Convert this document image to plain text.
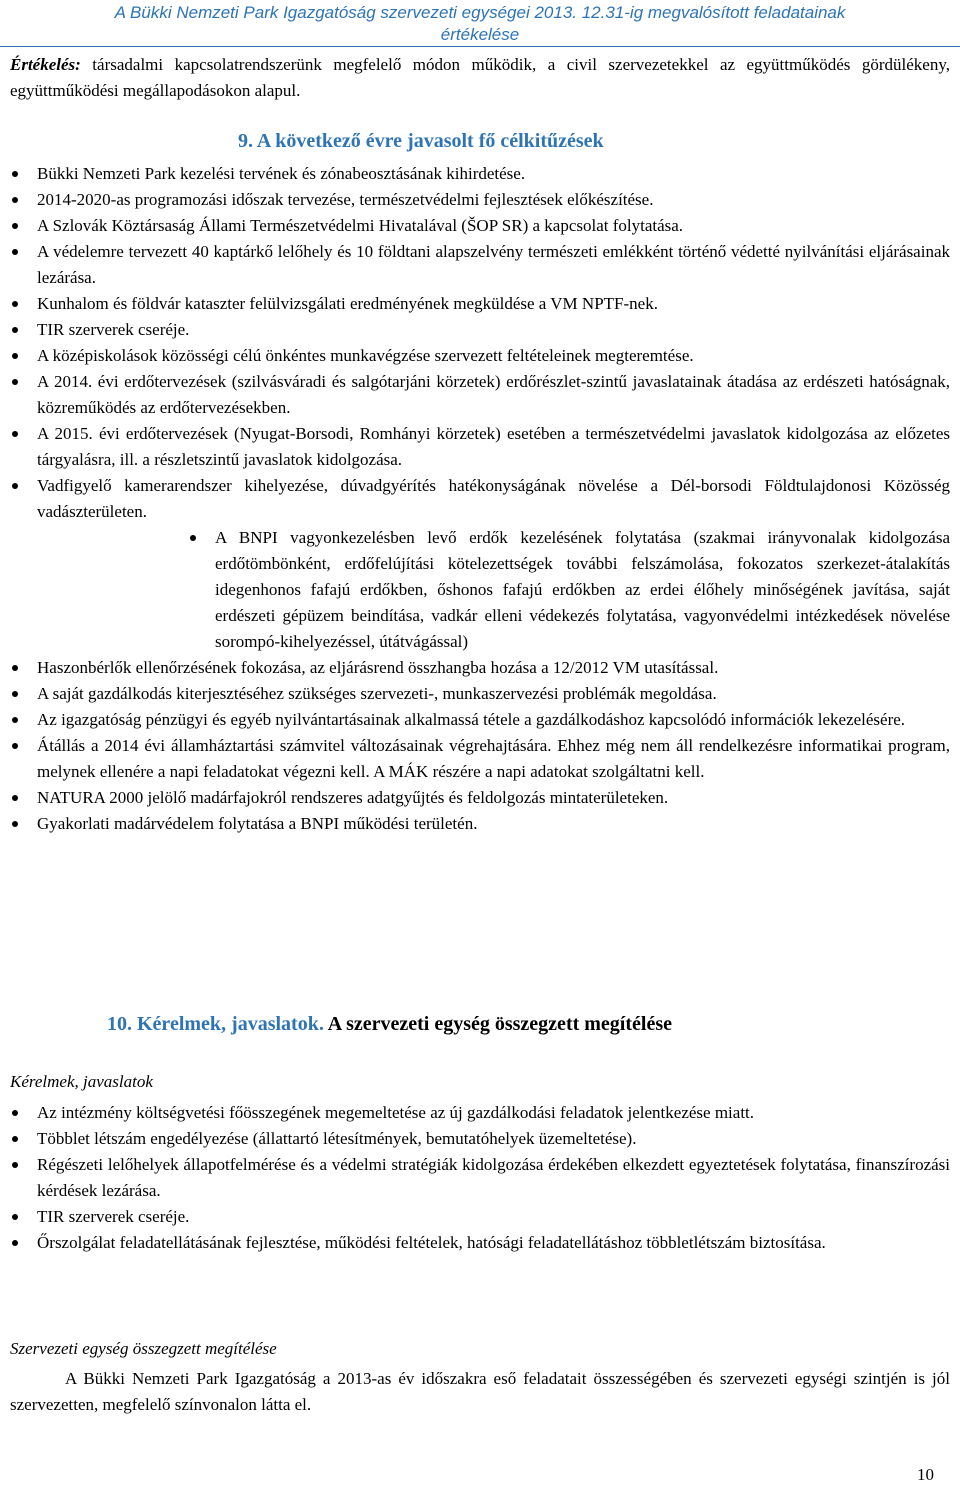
A Bükki Nemzeti Park Igazgatóság szervezeti egységei 2013. 12.31-ig megvalósított feladatainak
értékelése
Értékelés: társadalmi kapcsolatrendszerünk megfelelő módon működik, a civil szervezetekkel az együttműködés gördülékeny, együttműködési megállapodásokon alapul.
9. A következő évre javasolt fő célkitűzések
Bükki Nemzeti Park kezelési tervének és zónabeosztásának kihirdetése.
2014-2020-as programozási időszak tervezése, természetvédelmi fejlesztések előkészítése.
A Szlovák Köztársaság Állami Természetvédelmi Hivatalával (ŠOP SR) a kapcsolat folytatása.
A védelemre tervezett 40 kaptárkő lelőhely és 10 földtani alapszelvény természeti emlékként történő védetté nyilvánítási eljárásainak lezárása.
Kunhalom és földvár kataszter felülvizsgálati eredményének megküldése a VM NPTF-nek.
TIR szerverek cseréje.
A középiskolások közösségi célú önkéntes munkavégzése szervezett feltételeinek megteremtése.
A 2014. évi erdőtervezések (szilvásváradi és salgótarjáni körzetek) erdőrészlet-szintű javaslatainak átadása az erdészeti hatóságnak, közreműködés az erdőtervezésekben.
A 2015. évi erdőtervezések (Nyugat-Borsodi, Romhányi körzetek) esetében a természetvédelmi javaslatok kidolgozása az előzetes tárgyalásra, ill. a részletszintű javaslatok kidolgozása.
Vadfigyelő kamerarendszer kihelyezése, dúvadgyérítés hatékonyságának növelése a Dél-borsodi Földtulajdonosi Közösség vadászterületen.
A BNPI vagyonkezelésben levő erdők kezelésének folytatása (szakmai irányvonalak kidolgozása erdőtömbönként, erdőfelújítási kötelezettségek további felszámolása, fokozatos szerkezet-átalakítás idegenhonos fafajú erdőkben, őshonos fafajú erdőkben az erdei élőhely minőségének javítása, saját erdészeti gépüzem beindítása, vadkár elleni védekezés folytatása, vagyonvédelmi intézkedések növelése sorompó-kihelyezéssel, útátvágással)
Haszonbérlők ellenőrzésének fokozása, az eljárásrend összhangba hozása a 12/2012 VM utasítással.
A saját gazdálkodás kiterjesztéséhez szükséges szervezeti-, munkaszervezési problémák megoldása.
Az igazgatóság pénzügyi és egyéb nyilvántartásainak alkalmassá tétele a gazdálkodáshoz kapcsolódó információk lekezelésére.
Átállás a 2014 évi államháztartási számvitel változásainak végrehajtására. Ehhez még nem áll rendelkezésre informatikai program, melynek ellenére a napi feladatokat végezni kell. A MÁK részére a napi adatokat szolgáltatni kell.
NATURA 2000 jelölő madárfajokról rendszeres adatgyűjtés és feldolgozás mintaterületeken.
Gyakorlati madárvédelem folytatása a BNPI működési területén.
10. Kérelmek, javaslatok. A szervezeti egység összegzett megítélése
Kérelmek, javaslatok
Az intézmény költségvetési főösszegének megemeltetése az új gazdálkodási feladatok jelentkezése miatt.
Többlet létszám engedélyezése (állattartó létesítmények, bemutatóhelyek üzemeltetése).
Régészeti lelőhelyek állapotfelmérése és a védelmi stratégiák kidolgozása érdekében elkezdett egyeztetések folytatása, finanszírozási kérdések lezárása.
TIR szerverek cseréje.
Őrszolgálat feladatellátásának fejlesztése, működési feltételek, hatósági feladatellátáshoz többletlétszám biztosítása.
Szervezeti egység összegzett megítélése
A Bükki Nemzeti Park Igazgatóság a 2013-as év időszakra eső feladatait összességében és szervezeti egységi szintjén is jól szervezetten, megfelelő színvonalon látta el.
10
